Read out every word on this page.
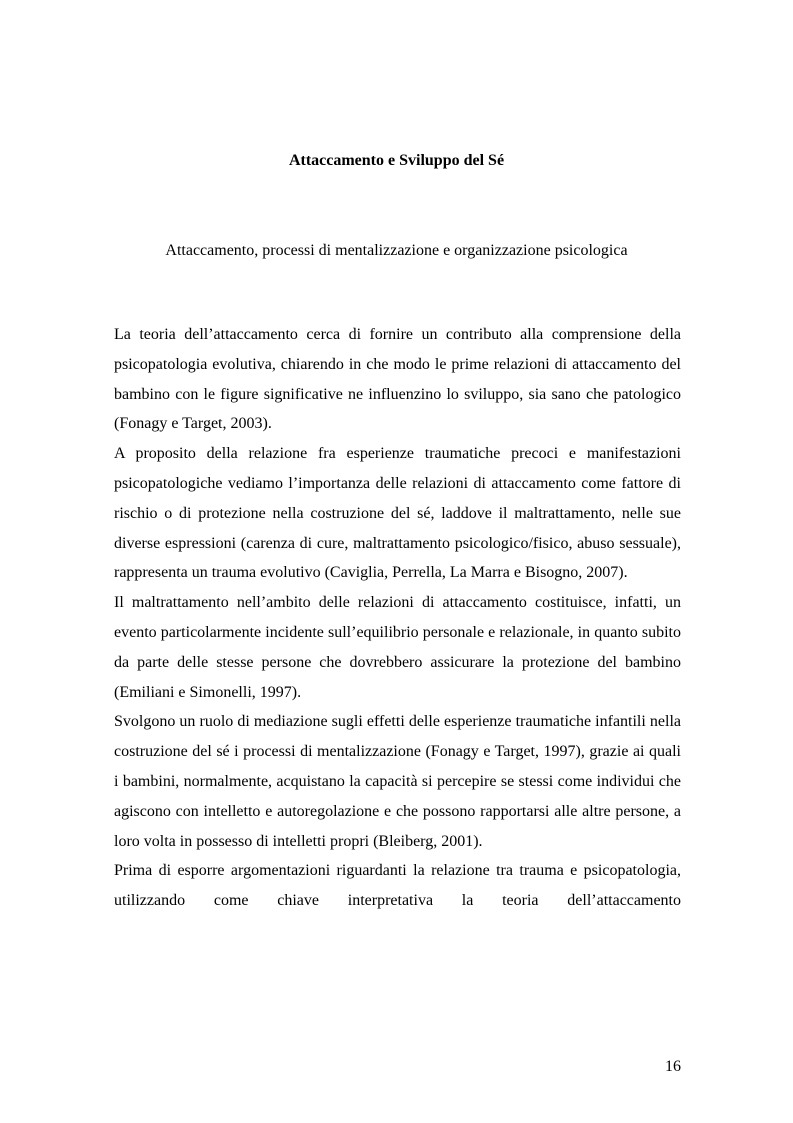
Attaccamento e Sviluppo del Sé
Attaccamento, processi di mentalizzazione e organizzazione psicologica

La teoria dell’attaccamento cerca di fornire un contributo alla comprensione della psicopatologia evolutiva, chiarendo in che modo le prime relazioni di attaccamento del bambino con le figure significative ne influenzino lo sviluppo, sia sano che patologico (Fonagy e Target, 2003).

A proposito della relazione fra esperienze traumatiche precoci e manifestazioni psicopatologiche vediamo l’importanza delle relazioni di attaccamento come fattore di rischio o di protezione nella costruzione del sé, laddove il maltrattamento, nelle sue diverse espressioni (carenza di cure, maltrattamento psicologico/fisico, abuso sessuale), rappresenta un trauma evolutivo (Caviglia, Perrella, La Marra e Bisogno, 2007).

Il maltrattamento nell’ambito delle relazioni di attaccamento costituisce, infatti, un evento particolarmente incidente sull’equilibrio personale e relazionale, in quanto subito da parte delle stesse persone che dovrebbero assicurare la protezione del bambino (Emiliani e Simonelli, 1997).

Svolgono un ruolo di mediazione sugli effetti delle esperienze traumatiche infantili nella costruzione del sé i processi di mentalizzazione (Fonagy e Target, 1997), grazie ai quali i bambini, normalmente, acquistano la capacità si percepire se stessi come individui che agiscono con intelletto e autoregolazione e che possono rapportarsi alle altre persone, a loro volta in possesso di intelletti propri (Bleiberg, 2001).

Prima di esporre argomentazioni riguardanti la relazione tra trauma e psicopatologia, utilizzando come chiave interpretativa la teoria dell’attaccamento

16
